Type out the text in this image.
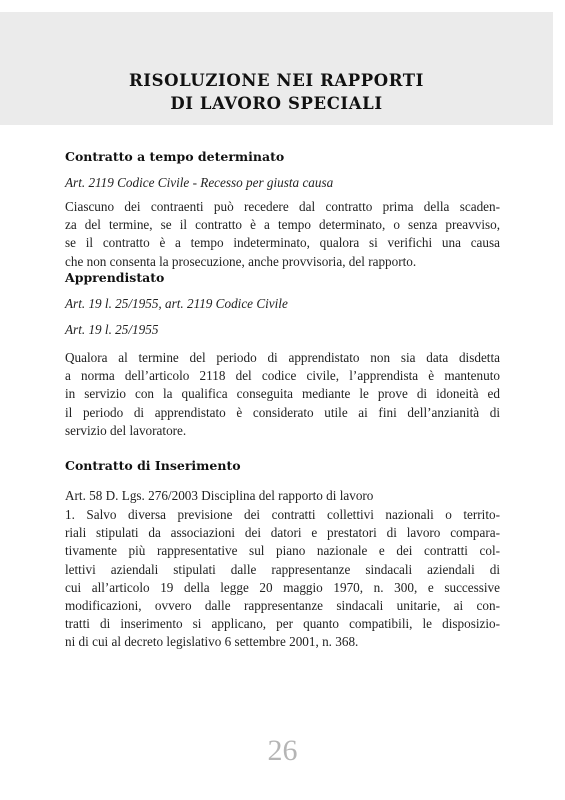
RISOLUZIONE NEI RAPPORTI
DI LAVORO SPECIALI
Contratto a tempo determinato
Art. 2119 Codice Civile - Recesso per giusta causa
Ciascuno dei contraenti può recedere dal contratto prima della scaden-
za del termine, se il contratto è a tempo determinato, o senza preavviso,
se il contratto è a tempo indeterminato, qualora si verifichi una causa
che non consenta la prosecuzione, anche provvisoria, del rapporto.
Apprendistato
Art. 19 l. 25/1955, art. 2119 Codice Civile
Art. 19 l. 25/1955
Qualora al termine del periodo di apprendistato non sia data disdetta
a norma dell’articolo 2118 del codice civile, l’apprendista è mantenuto
in servizio con la qualifica conseguita mediante le prove di idoneità ed
il periodo di apprendistato è considerato utile ai fini dell’anzianità di
servizio del lavoratore.
Contratto di Inserimento
Art. 58 D. Lgs. 276/2003 Disciplina del rapporto di lavoro
1. Salvo diversa previsione dei contratti collettivi nazionali o territo-
riali stipulati da associazioni dei datori e prestatori di lavoro compara-
tivamente più rappresentative sul piano nazionale e dei contratti col-
lettivi aziendali stipulati dalle rappresentanze sindacali aziendali di
cui all’articolo 19 della legge 20 maggio 1970, n. 300, e successive
modificazioni, ovvero dalle rappresentanze sindacali unitarie, ai con-
tratti di inserimento si applicano, per quanto compatibili, le disposizio-
ni di cui al decreto legislativo 6 settembre 2001, n. 368.
26
